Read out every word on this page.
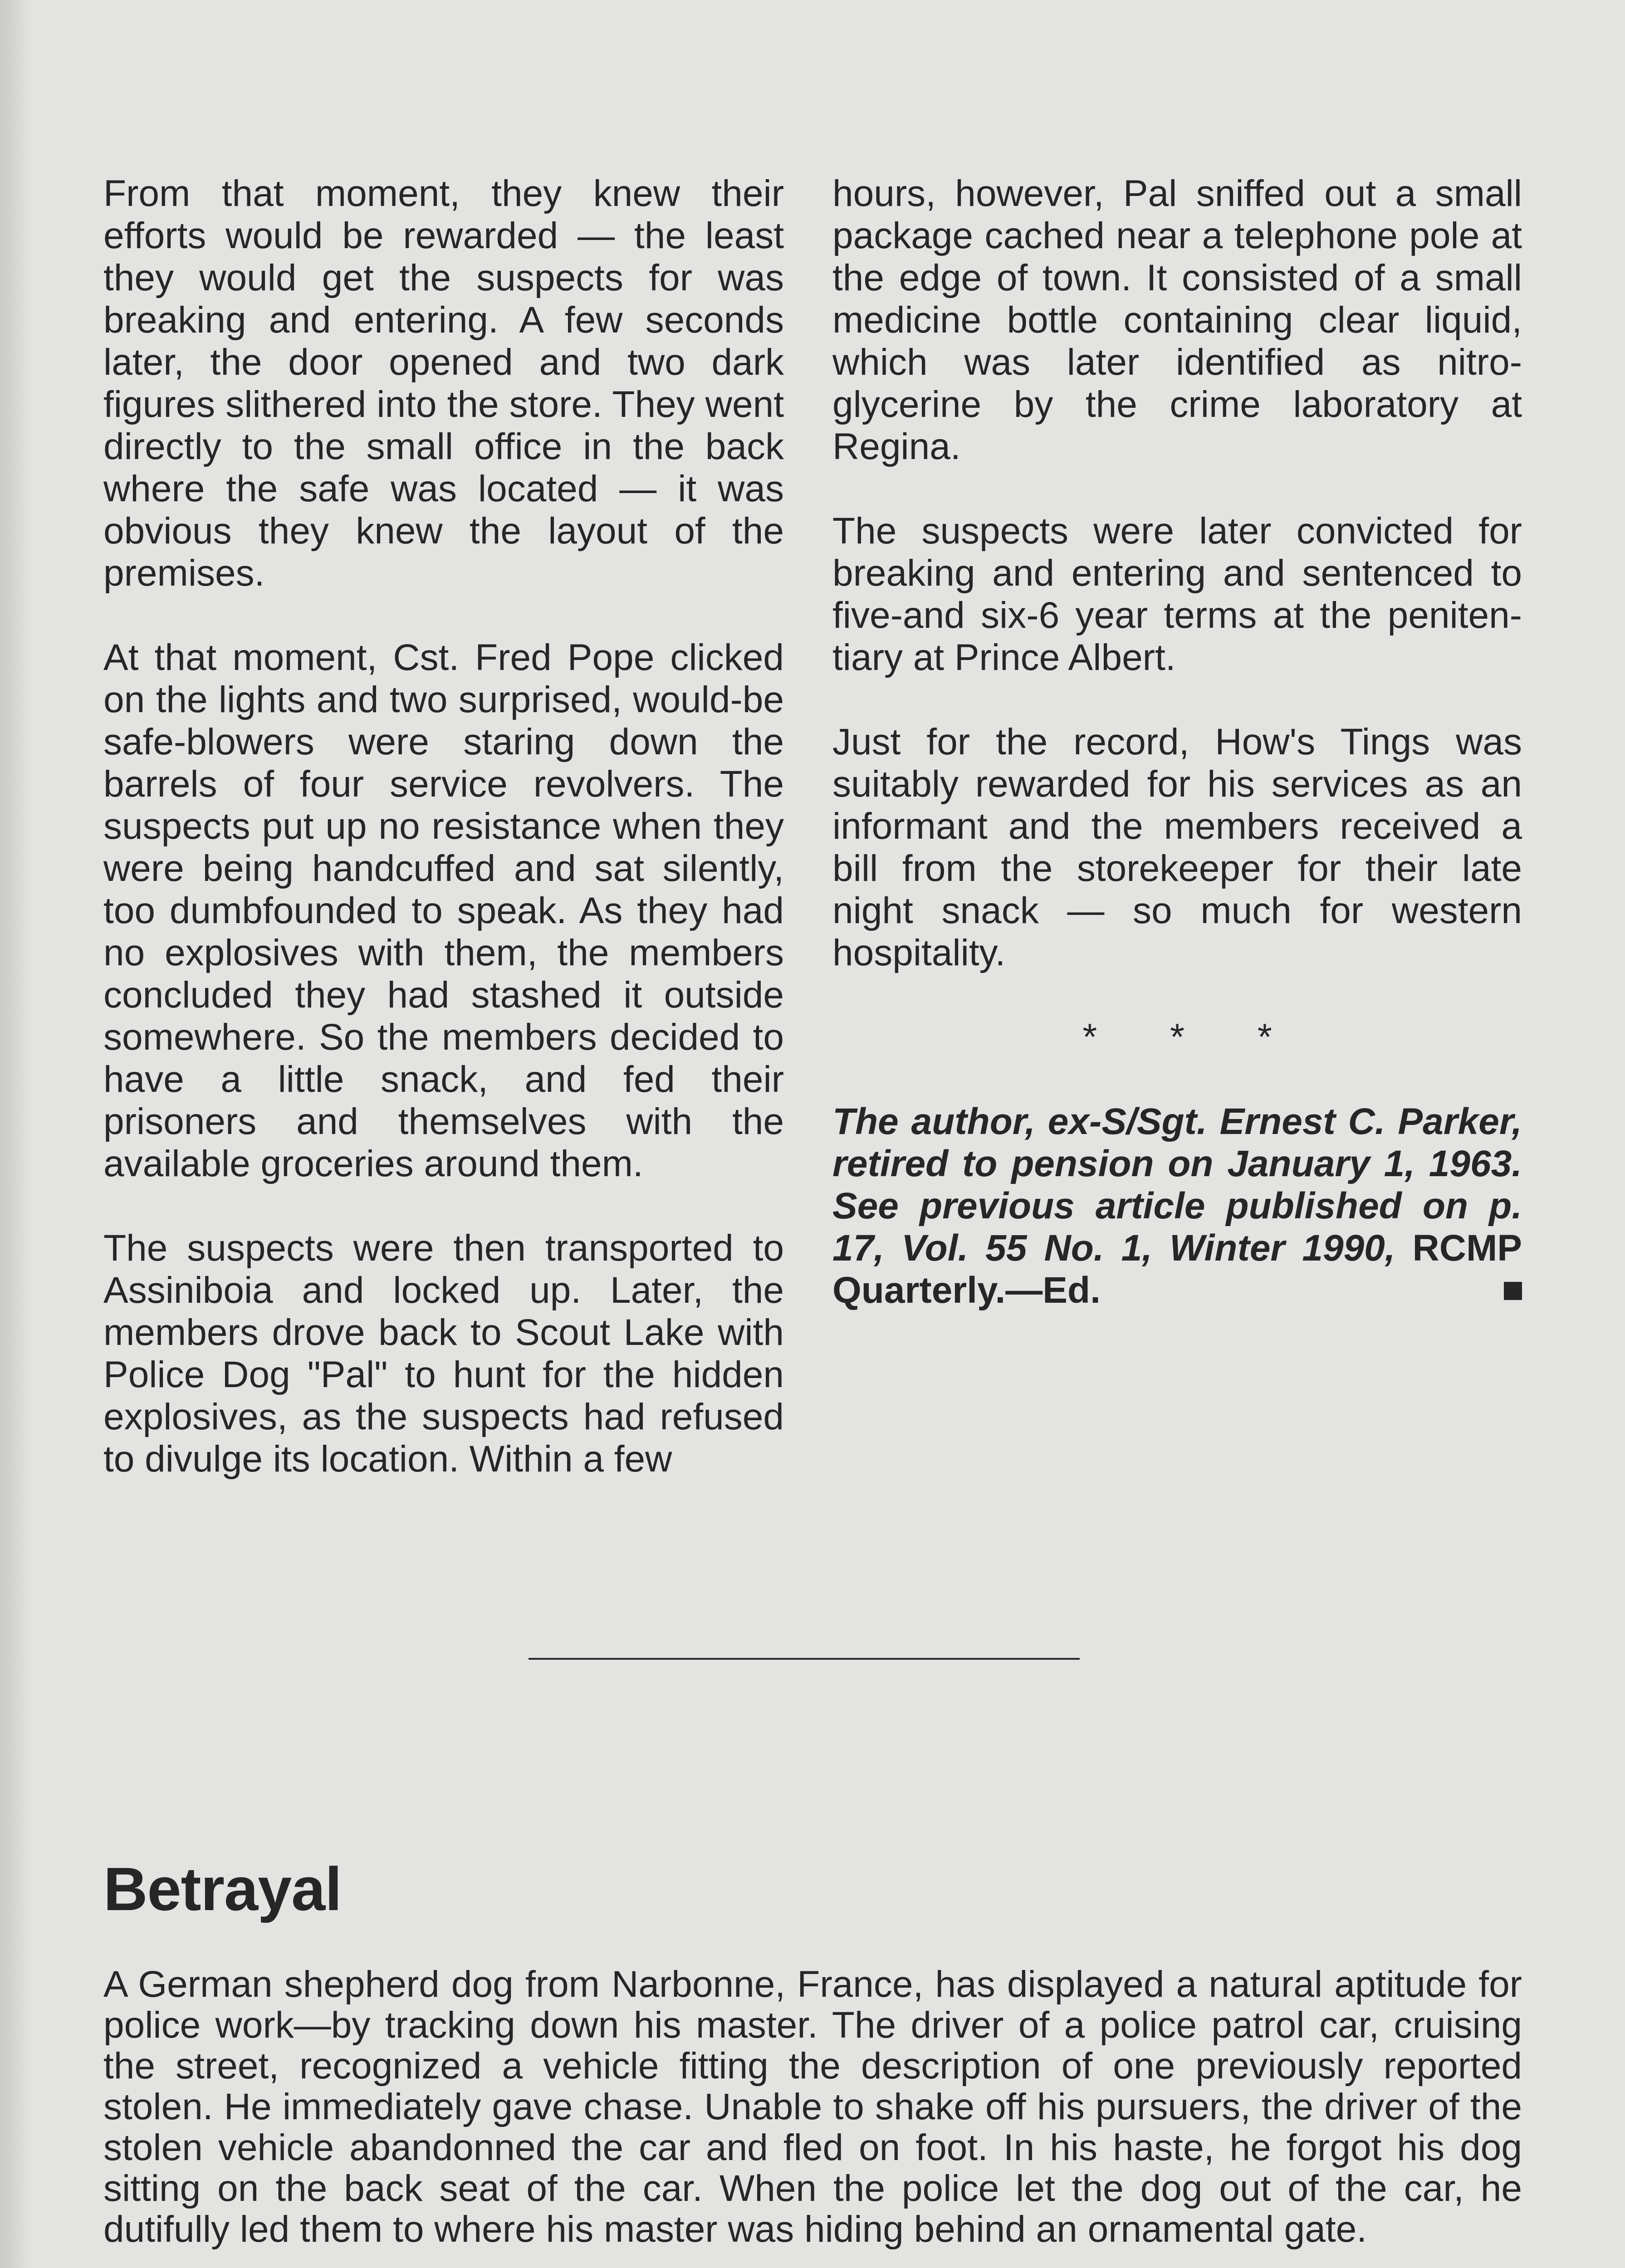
From that moment, they knew their efforts would be rewarded — the least they would get the suspects for was breaking and entering. A few seconds later, the door opened and two dark figures slithered into the store. They went directly to the small office in the back where the safe was located — it was obvious they knew the layout of the premises.

At that moment, Cst. Fred Pope clicked on the lights and two surprised, would-be safe-blowers were staring down the barrels of four service revolvers. The suspects put up no resistance when they were being handcuffed and sat silently, too dumbfounded to speak. As they had no explosives with them, the members concluded they had stashed it outside somewhere. So the members decided to have a little snack, and fed their prisoners and themselves with the available groceries around them.

The suspects were then transported to Assiniboia and locked up. Later, the members drove back to Scout Lake with Police Dog "Pal" to hunt for the hidden explosives, as the suspects had refused to divulge its location. Within a few

hours, however, Pal sniffed out a small package cached near a telephone pole at the edge of town. It consisted of a small medicine bottle containing clear liquid, which was later identified as nitro-glycerine by the crime laboratory at Regina.

The suspects were later convicted for breaking and entering and sentenced to five-and six-6 year terms at the peniten-tiary at Prince Albert.

Just for the record, How's Tings was suitably rewarded for his services as an informant and the members received a bill from the storekeeper for their late night snack — so much for western hospitality.

* * *

The author, ex-S/Sgt. Ernest C. Parker, retired to pension on January 1, 1963. See previous article published on p. 17, Vol. 55 No. 1, Winter 1990, RCMP Quarterly.—Ed.

Betrayal

A German shepherd dog from Narbonne, France, has displayed a natural aptitude for police work—by tracking down his master. The driver of a police patrol car, cruising the street, recognized a vehicle fitting the description of one previously reported stolen. He immediately gave chase. Unable to shake off his pursuers, the driver of the stolen vehicle abandonned the car and fled on foot. In his haste, he forgot his dog sitting on the back seat of the car. When the police let the dog out of the car, he dutifully led them to where his master was hiding behind an ornamental gate.
